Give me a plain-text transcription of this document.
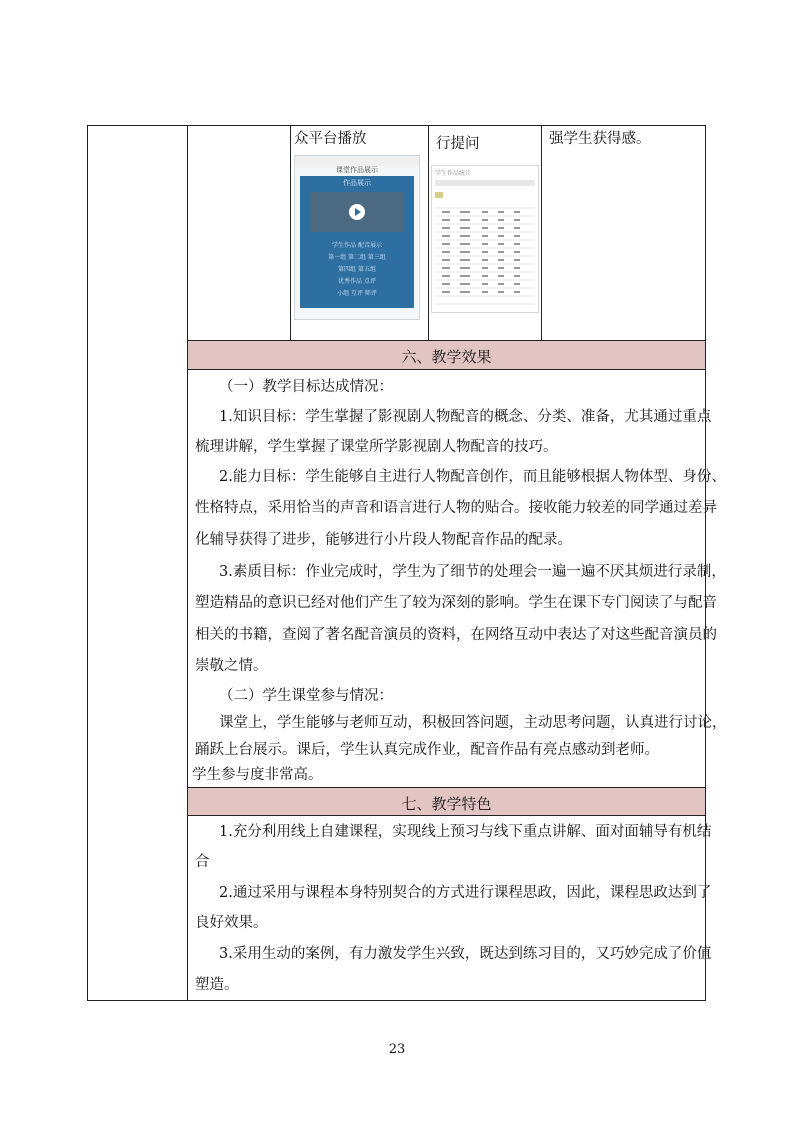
众平台播放	行提问	强学生获得感。
课堂作品展示
作品展示
学生作品 配音展示
第一组 第二组 第三组
第四组 第五组
优秀作品 点评
小组 互评 师评
学生作品统计
六、教学效果
（一）教学目标达成情况：
1.知识目标：学生掌握了影视剧人物配音的概念、分类、准备，尤其通过重点
梳理讲解，学生掌握了课堂所学影视剧人物配音的技巧。
2.能力目标：学生能够自主进行人物配音创作，而且能够根据人物体型、身份、
性格特点，采用恰当的声音和语言进行人物的贴合。接收能力较差的同学通过差异
化辅导获得了进步，能够进行小片段人物配音作品的配录。
3.素质目标：作业完成时，学生为了细节的处理会一遍一遍不厌其烦进行录制，
塑造精品的意识已经对他们产生了较为深刻的影响。学生在课下专门阅读了与配音
相关的书籍，查阅了著名配音演员的资料，在网络互动中表达了对这些配音演员的
崇敬之情。
（二）学生课堂参与情况：
课堂上，学生能够与老师互动，积极回答问题，主动思考问题，认真进行讨论，
踊跃上台展示。课后，学生认真完成作业，配音作品有亮点感动到老师。
学生参与度非常高。
七、教学特色
1.充分利用线上自建课程，实现线上预习与线下重点讲解、面对面辅导有机结
合
2.通过采用与课程本身特别契合的方式进行课程思政，因此，课程思政达到了
良好效果。
3.采用生动的案例，有力激发学生兴致，既达到练习目的，又巧妙完成了价值
塑造。
23
